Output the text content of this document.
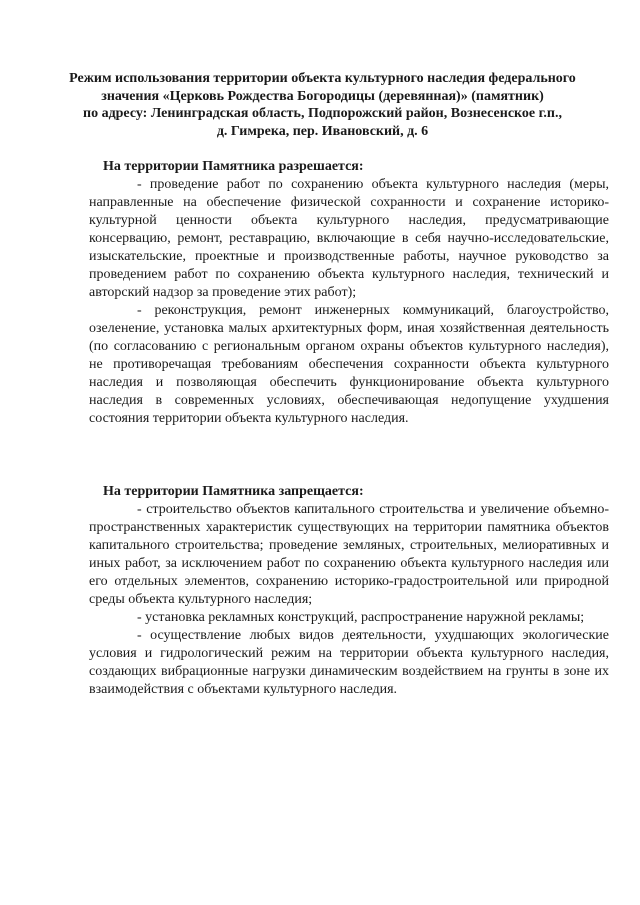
Режим использования территории объекта культурного наследия федерального
значения «Церковь Рождества Богородицы (деревянная)» (памятник)
по адресу: Ленинградская область, Подпорожский район, Вознесенское г.п.,
д. Гимрека, пер. Ивановский, д. 6

На территории Памятника разрешается:

- проведение работ по сохранению объекта культурного наследия (меры, направленные на обеспечение физической сохранности и сохранение историко-культурной ценности объекта культурного наследия, предусматривающие консервацию, ремонт, реставрацию, включающие в себя научно-исследовательские, изыскательские, проектные и производственные работы, научное руководство за проведением работ по сохранению объекта культурного наследия, технический и авторский надзор за проведение этих работ);

- реконструкция, ремонт инженерных коммуникаций, благоустройство, озеленение, установка малых архитектурных форм, иная хозяйственная деятельность (по согласованию с региональным органом охраны объектов культурного наследия), не противоречащая требованиям обеспечения сохранности объекта культурного наследия и позволяющая обеспечить функционирование объекта культурного наследия в современных условиях, обеспечивающая недопущение ухудшения состояния территории объекта культурного наследия.

На территории Памятника запрещается:

- строительство объектов капитального строительства и увеличение объемно-пространственных характеристик существующих на территории памятника объектов капитального строительства; проведение земляных, строительных, мелиоративных и иных работ, за исключением работ по сохранению объекта культурного наследия или его отдельных элементов, сохранению историко-градостроительной или природной среды объекта культурного наследия;

- установка рекламных конструкций, распространение наружной рекламы;

- осуществление любых видов деятельности, ухудшающих экологические условия и гидрологический режим на территории объекта культурного наследия, создающих вибрационные нагрузки динамическим воздействием на грунты в зоне их взаимодействия с объектами культурного наследия.
